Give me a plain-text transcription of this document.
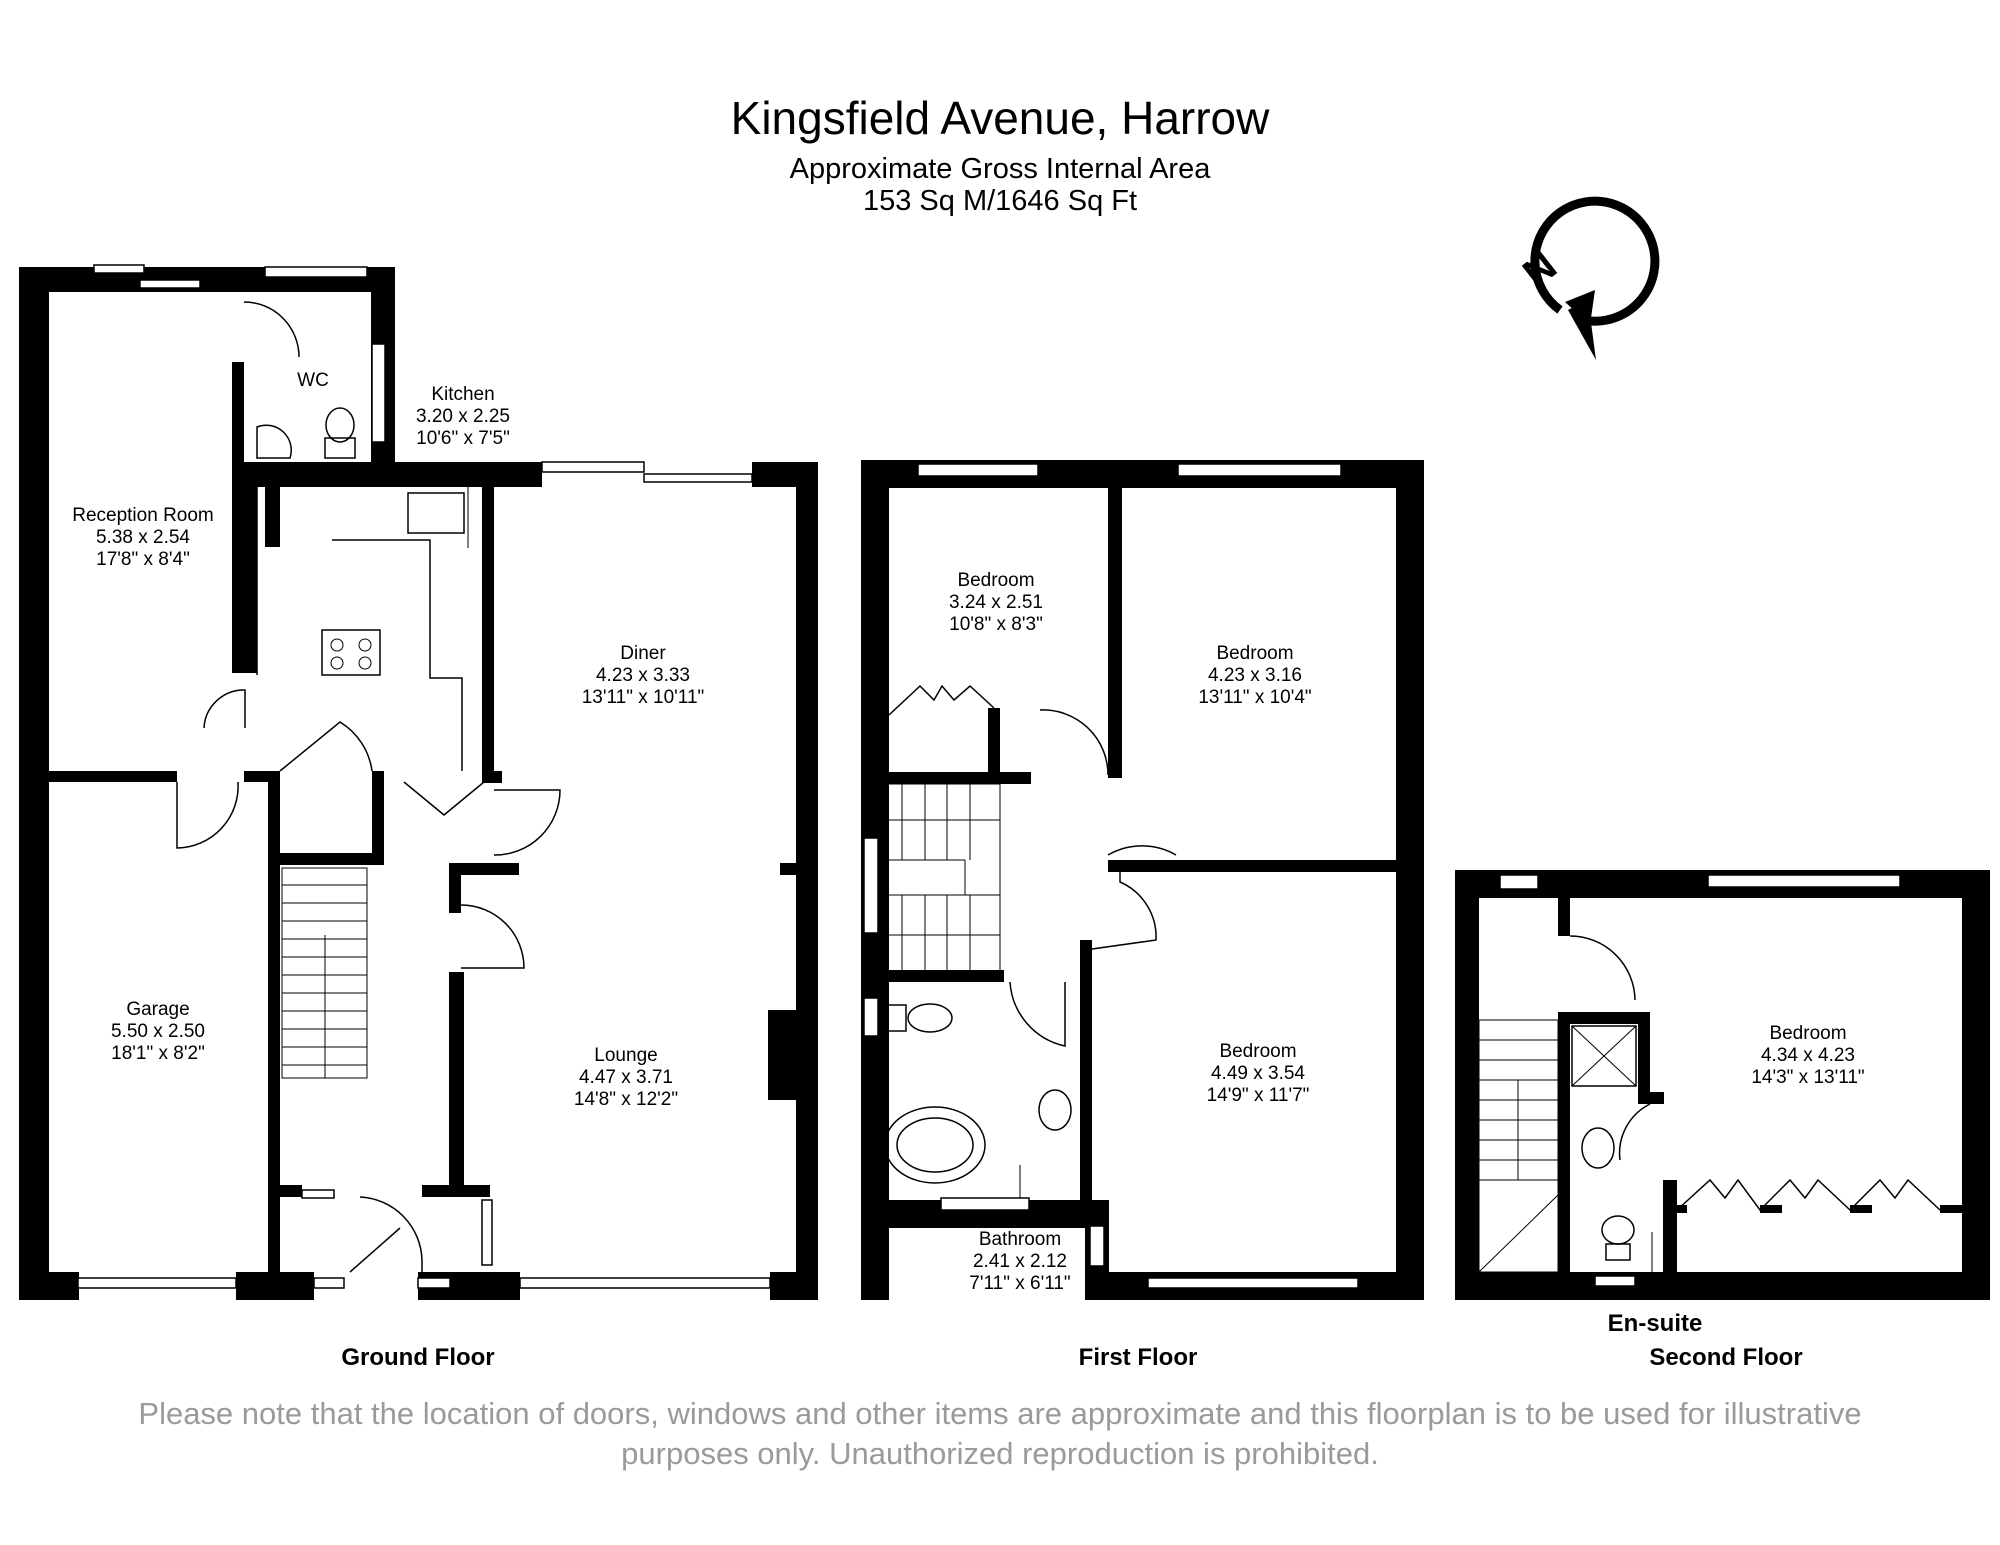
Kingsfield Avenue, Harrow
Approximate Gross Internal Area
153 Sq M/1646 Sq Ft
N
WC
Kitchen
3.20 x 2.25
10'6" x 7'5"
Reception Room
5.38 x 2.54
17'8" x 8'4"
Diner
4.23 x 3.33
13'11" x 10'11"
Garage
5.50 x 2.50
18'1" x 8'2"	Lounge
4.47 x 3.71
14'8" x 12'2"
Ground Floor
Bedroom
3.24 x 2.51
10'8" x 8'3"
Bedroom
4.23 x 3.16
13'11" x 10'4"
Bedroom
4.49 x 3.54
14'9" x 11'7"
Bathroom
2.41 x 2.12
7'11" x 6'11"
First Floor
Bedroom
4.34 x 4.23
14'3" x 13'11"
En-suite
Second Floor
Please note that the location of doors, windows and other items are approximate and this floorplan is to be used for illustrative
purposes only. Unauthorized reproduction is prohibited.
